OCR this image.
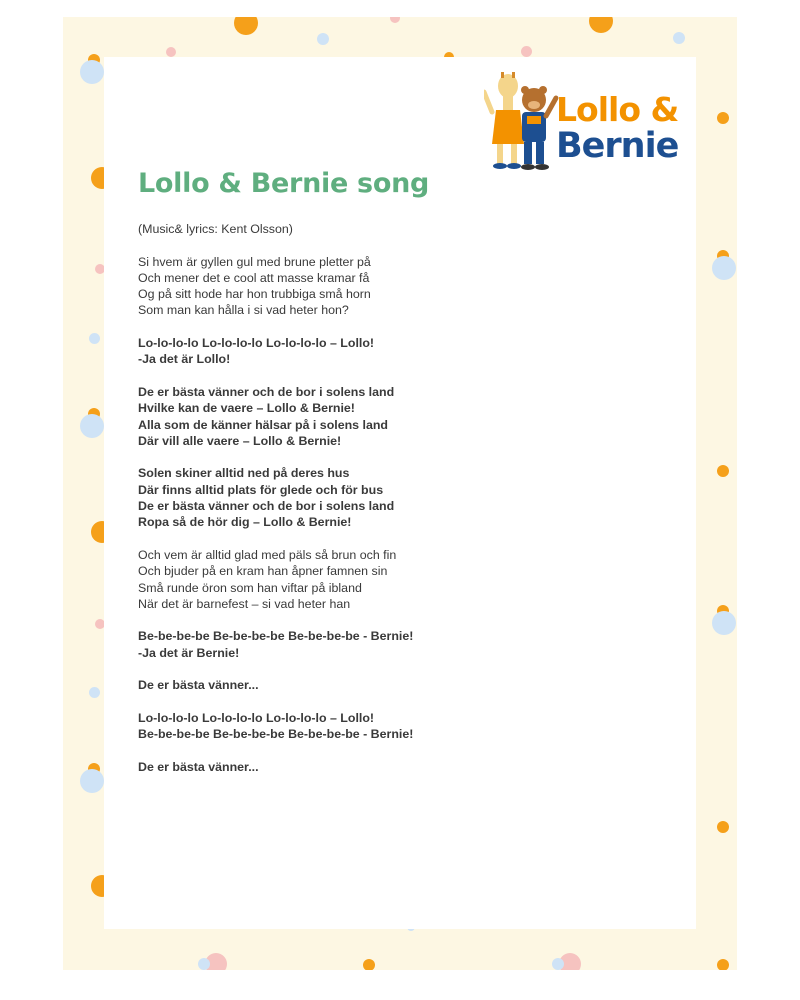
Lollo &
Bernie
Lollo & Bernie song
(Music& lyrics: Kent Olsson)
Si hvem är gyllen gul med brune pletter på
Och mener det e cool att masse kramar få
Og på sitt hode har hon trubbiga små horn
Som man kan hålla i si vad heter hon?
Lo-lo-lo-lo Lo-lo-lo-lo Lo-lo-lo-lo – Lollo!
-Ja det är Lollo!
De er bästa vänner och de bor i solens land
Hvilke kan de vaere – Lollo & Bernie!
Alla som de känner hälsar på i solens land
Där vill alle vaere – Lollo & Bernie!
Solen skiner alltid ned på deres hus
Där finns alltid plats för glede och för bus
De er bästa vänner och de bor i solens land
Ropa så de hör dig – Lollo & Bernie!
Och vem är alltid glad med päls så brun och fin
Och bjuder på en kram han åpner famnen sin
Små runde öron som han viftar på ibland
När det är barnefest – si vad heter han
Be-be-be-be Be-be-be-be Be-be-be-be - Bernie!
-Ja det är Bernie!
De er bästa vänner...
Lo-lo-lo-lo Lo-lo-lo-lo Lo-lo-lo-lo – Lollo!
Be-be-be-be Be-be-be-be Be-be-be-be - Bernie!
De er bästa vänner...
